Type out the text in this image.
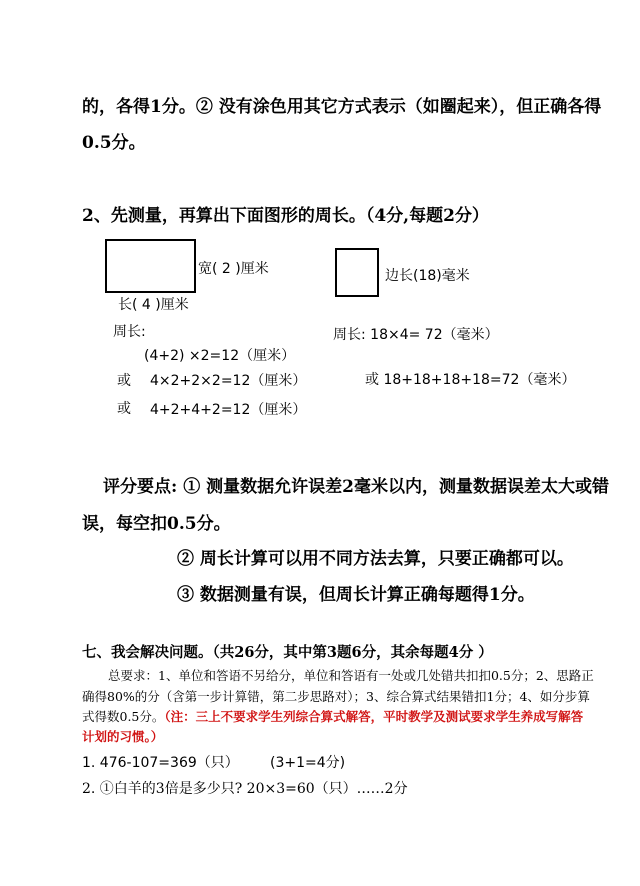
的，各得1分。② 没有涂色用其它方式表示（如圈起来），但正确各得
0.5分。
2、先测量，再算出下面图形的周长。（4分,每题2分）
宽( 2 )厘米
长( 4 )厘米
周长:
(4+2) ×2=12（厘米）
或 4×2+2×2=12（厘米）
或 4+2+4+2=12（厘米）
边长(18)毫米
周长: 18×4= 72（毫米）
或 18+18+18+18=72（毫米）
评分要点: ① 测量数据允许误差2毫米以内，测量数据误差太大或错
误，每空扣0.5分。
② 周长计算可以用不同方法去算，只要正确都可以。
③ 数据测量有误，但周长计算正确每题得1分。
七、我会解决问题。（共26分，其中第3题6分，其余每题4分 ）
总要求：1、单位和答语不另给分，单位和答语有一处或几处错共扣扣0.5分；2、思路正
确得80%的分（含第一步计算错，第二步思路对）；3、综合算式结果错扣1分；4、如分步算
式得数0.5分。（注：三上不要求学生列综合算式解答，平时教学及测试要求学生养成写解答
计划的习惯。）
1. 476-107=369（只） (3+1=4分)
2. ①白羊的3倍是多少只? 20×3=60（只）……2分
